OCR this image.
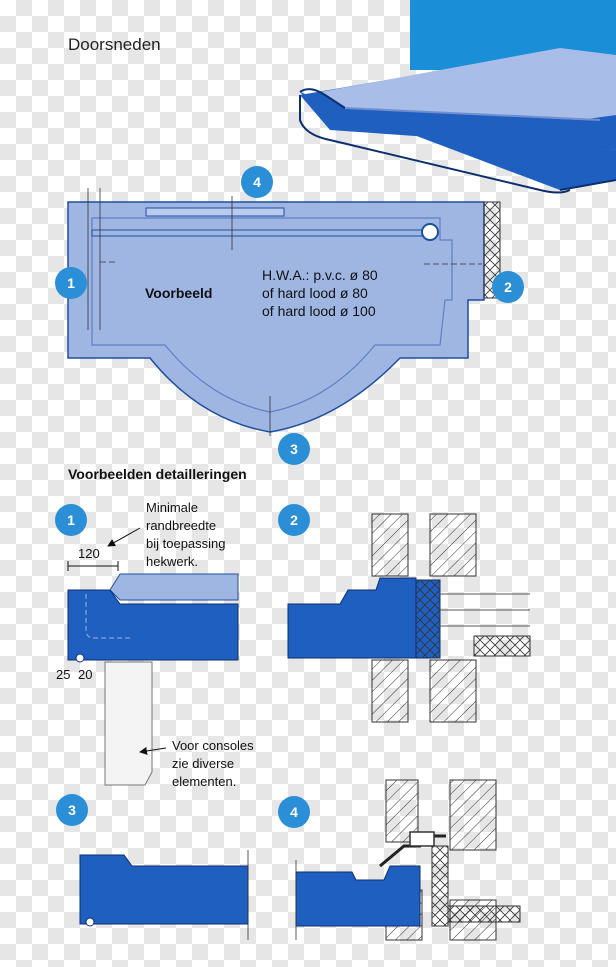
Doorsneden
Voorbeeld
H.W.A.: p.v.c. ø 80
of hard lood ø 80
of hard lood ø 100
4
1	2
3
Voorbeelden detailleringen
1
Minimale
randbreedte
bij toepassing
hekwerk.
120
25 20
Voor consoles
zie diverse
elementen.
2
3	4
